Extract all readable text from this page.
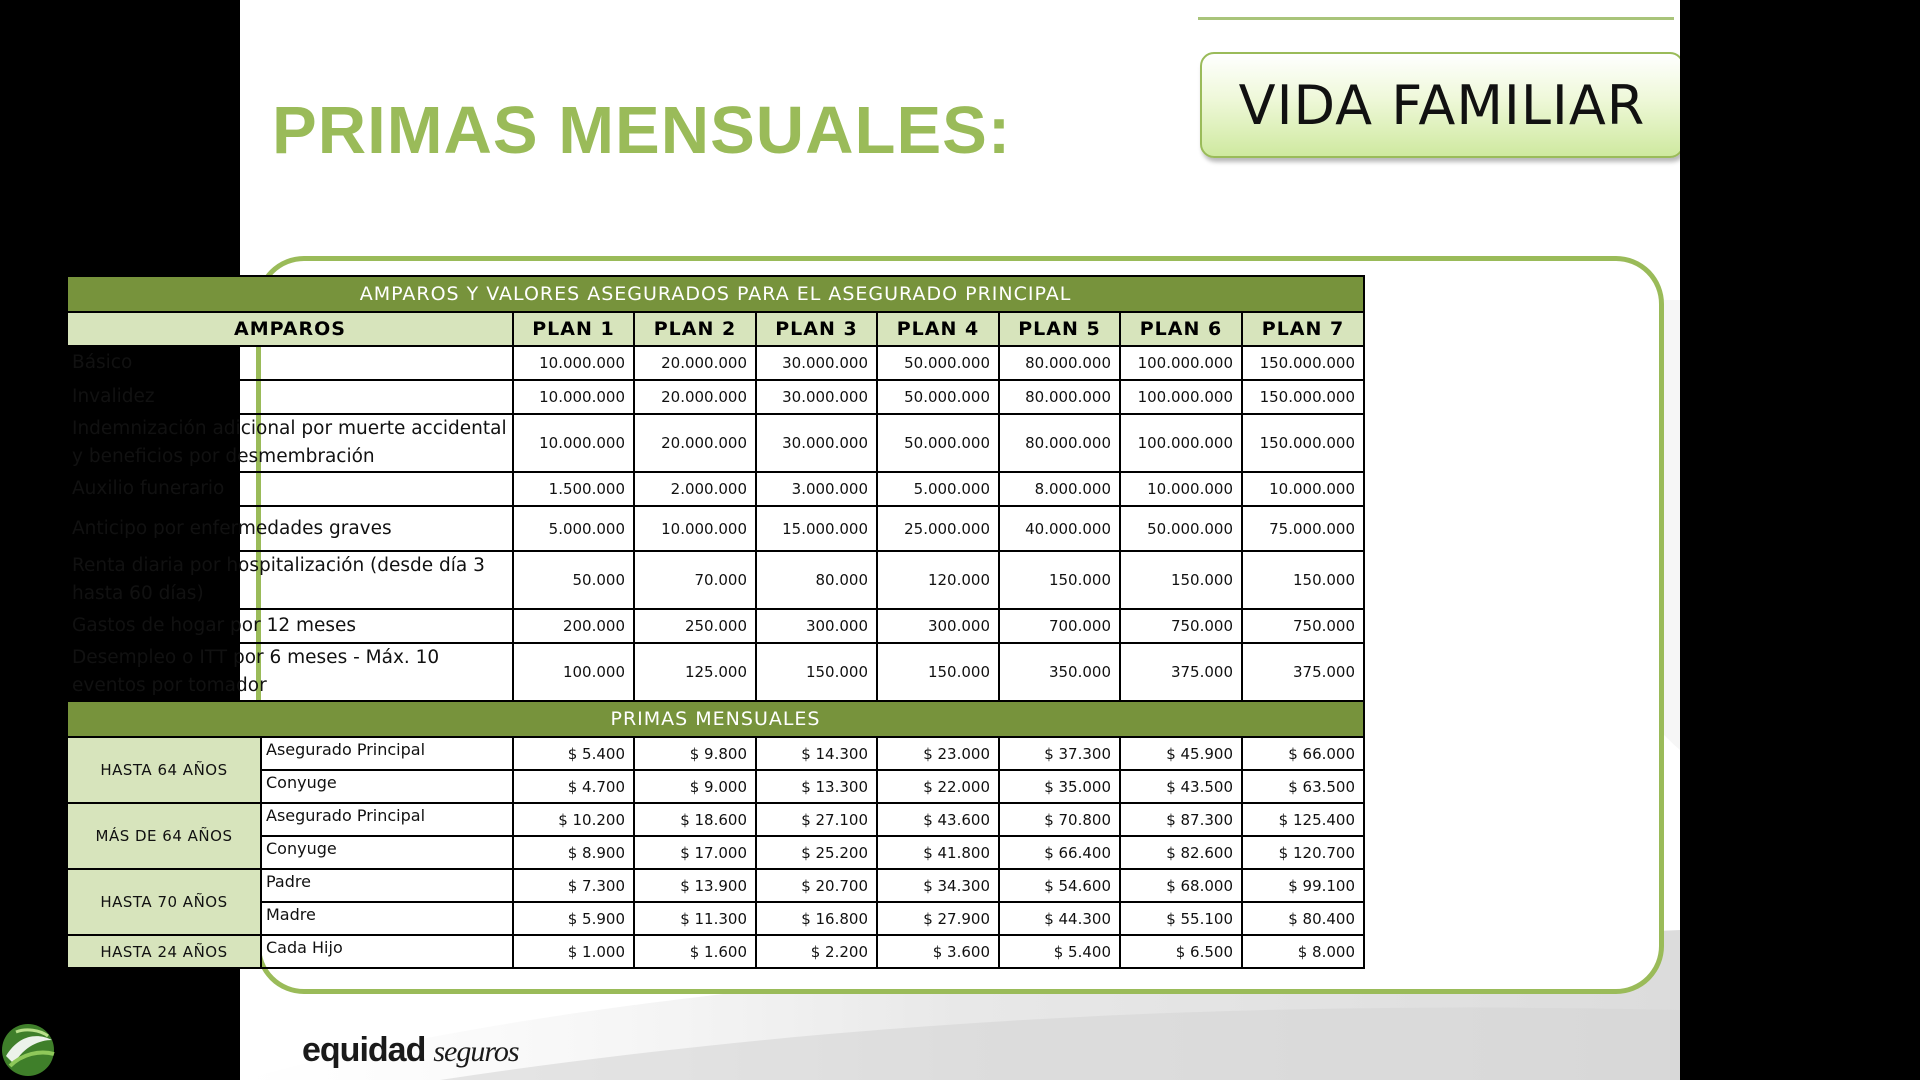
PRIMAS MENSUALES:	VIDA FAMILIAR
AMPAROS Y VALORES ASEGURADOS PARA EL ASEGURADO PRINCIPAL								
AMPAROS		PLAN 1	PLAN 2	PLAN 3	PLAN 4	PLAN 5	PLAN 6	PLAN 7
Básico		10.000.000	20.000.000	30.000.000	50.000.000	80.000.000	100.000.000	150.000.000
Invalidez		10.000.000	20.000.000	30.000.000	50.000.000	80.000.000	100.000.000	150.000.000
Indemnización adicional por muerte accidental y beneficios por desmembración		10.000.000	20.000.000	30.000.000	50.000.000	80.000.000	100.000.000	150.000.000
Auxilio funerario		1.500.000	2.000.000	3.000.000	5.000.000	8.000.000	10.000.000	10.000.000
Anticipo por enfermedades graves		5.000.000	10.000.000	15.000.000	25.000.000	40.000.000	50.000.000	75.000.000
Renta diaria por hospitalización (desde día 3 hasta 60 días)		50.000	70.000	80.000	120.000	150.000	150.000	150.000
Gastos de hogar por 12 meses		200.000	250.000	300.000	300.000	700.000	750.000	750.000
Desempleo o ITT por 6 meses - Máx. 10 eventos por tomador		100.000	125.000	150.000	150.000	350.000	375.000	375.000
PRIMAS MENSUALES								
HASTA 64 AÑOS	Asegurado Principal	$ 5.400	$ 9.800	$ 14.300	$ 23.000	$ 37.300	$ 45.900	$ 66.000
	Conyuge	$ 4.700	$ 9.000	$ 13.300	$ 22.000	$ 35.000	$ 43.500	$ 63.500
MÁS DE 64 AÑOS	Asegurado Principal	$ 10.200	$ 18.600	$ 27.100	$ 43.600	$ 70.800	$ 87.300	$ 125.400
	Conyuge	$ 8.900	$ 17.000	$ 25.200	$ 41.800	$ 66.400	$ 82.600	$ 120.700
HASTA 70 AÑOS	Padre	$ 7.300	$ 13.900	$ 20.700	$ 34.300	$ 54.600	$ 68.000	$ 99.100
	Madre	$ 5.900	$ 11.300	$ 16.800	$ 27.900	$ 44.300	$ 55.100	$ 80.400
HASTA 24 AÑOS	Cada Hijo	$ 1.000	$ 1.600	$ 2.200	$ 3.600	$ 5.400	$ 6.500	$ 8.000
equidad seguros
